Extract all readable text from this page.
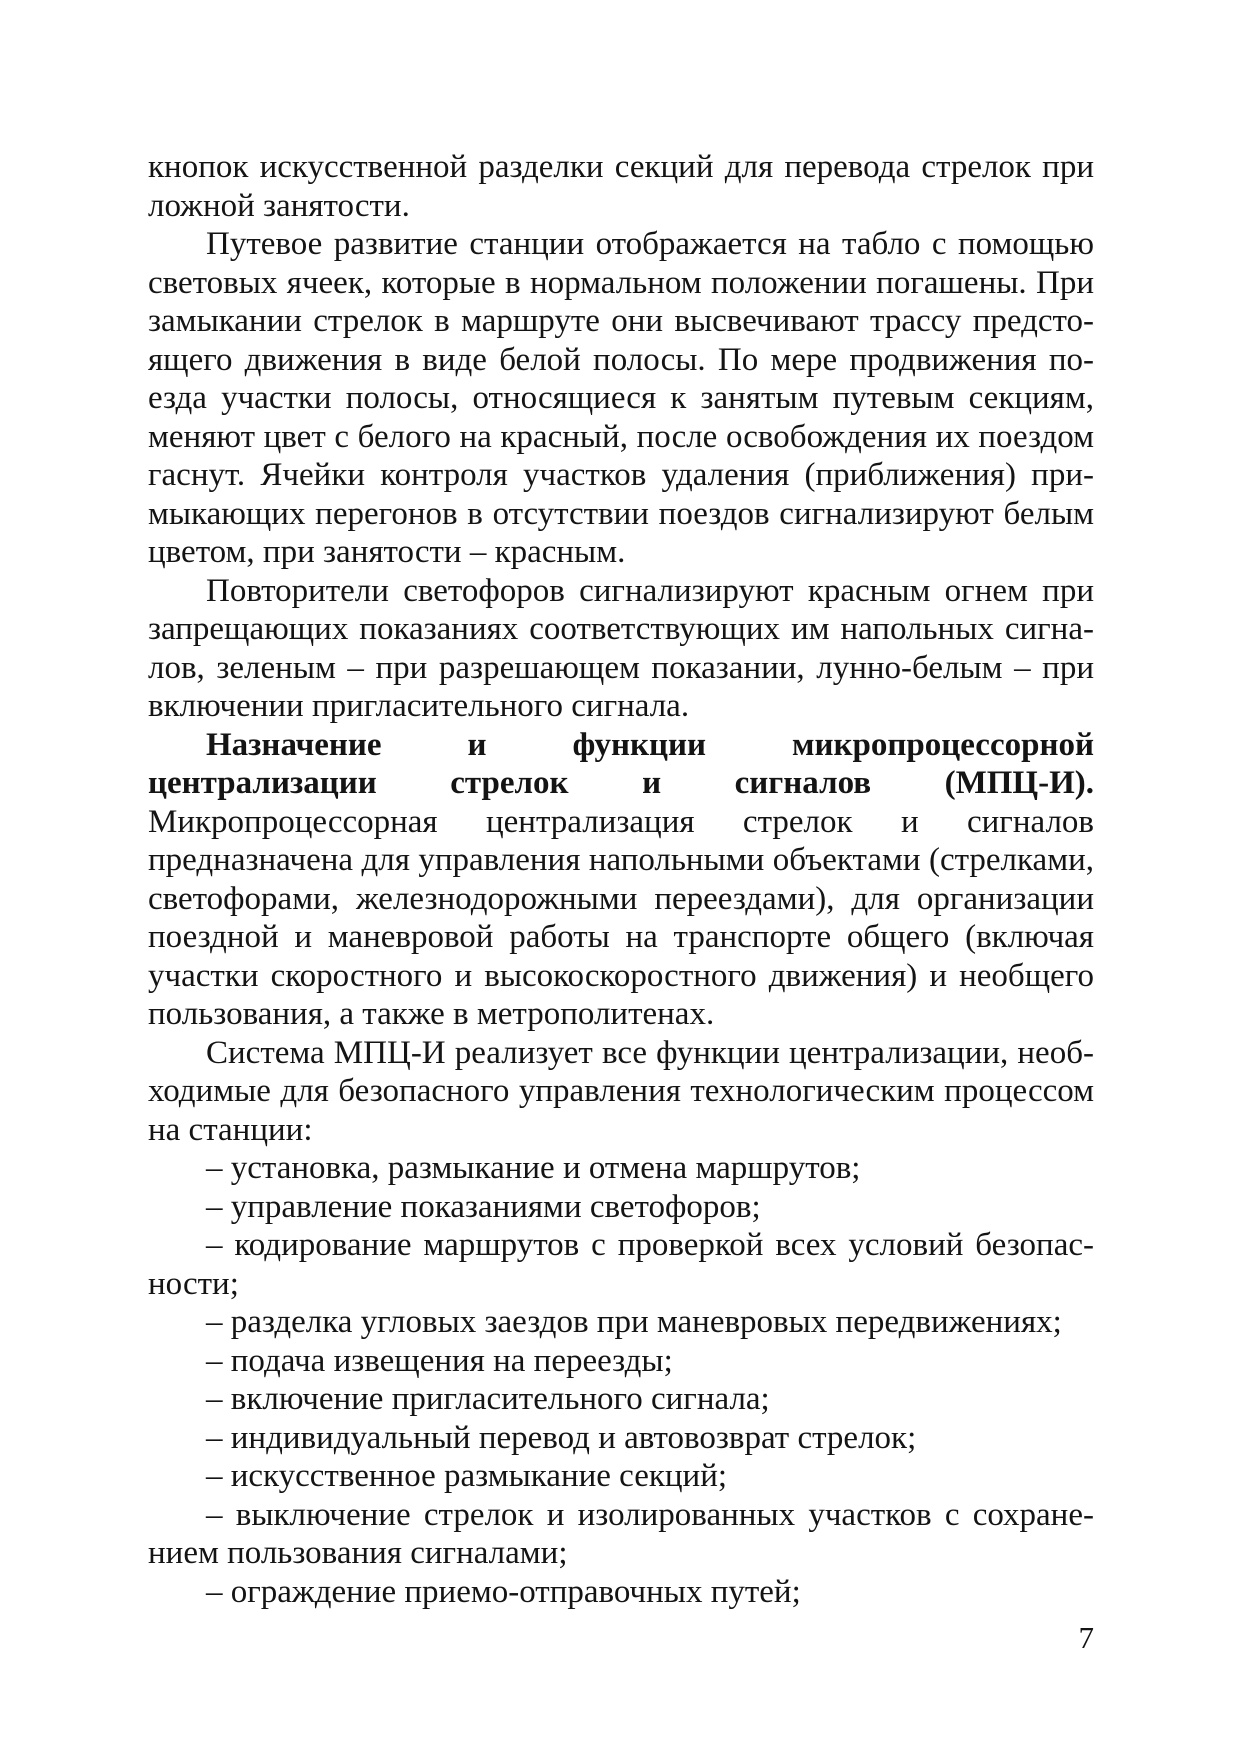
кнопок искусственной разделки секций для перевода стрелок при ложной занятости.

Путевое развитие станции отображается на табло с помощью световых ячеек, которые в нормальном положении погашены. При замыкании стрелок в маршруте они высвечивают трассу предстоящего движения в виде белой полосы. По мере продвижения поезда участки полосы, относящиеся к занятым путевым секциям, меняют цвет с белого на красный, после освобождения их поездом гаснут. Ячейки контроля участков удаления (приближения) примыкающих перегонов в отсутствии поездов сигнализируют белым цветом, при занятости – красным.

Повторители светофоров сигнализируют красным огнем при запрещающих показаниях соответствующих им напольных сигналов, зеленым – при разрешающем показании, лунно-белым – при включении пригласительного сигнала.

Назначение и функции микропроцессорной централизации стрелок и сигналов (МПЦ-И). Микропроцессорная централизация стрелок и сигналов предназначена для управления напольными объектами (стрелками, светофорами, железнодорожными переездами), для организации поездной и маневровой работы на транспорте общего (включая участки скоростного и высокоскоростного движения) и необщего пользования, а также в метрополитенах.

Система МПЦ-И реализует все функции централизации, необходимые для безопасного управления технологическим процессом на станции:

– установка, размыкание и отмена маршрутов;

– управление показаниями светофоров;

– кодирование маршрутов с проверкой всех условий безопасности;

– разделка угловых заездов при маневровых передвижениях;

– подача извещения на переезды;

– включение пригласительного сигнала;

– индивидуальный перевод и автовозврат стрелок;

– искусственное размыкание секций;

– выключение стрелок и изолированных участков с сохранением пользования сигналами;

– ограждение приемо-отправочных путей;

7
